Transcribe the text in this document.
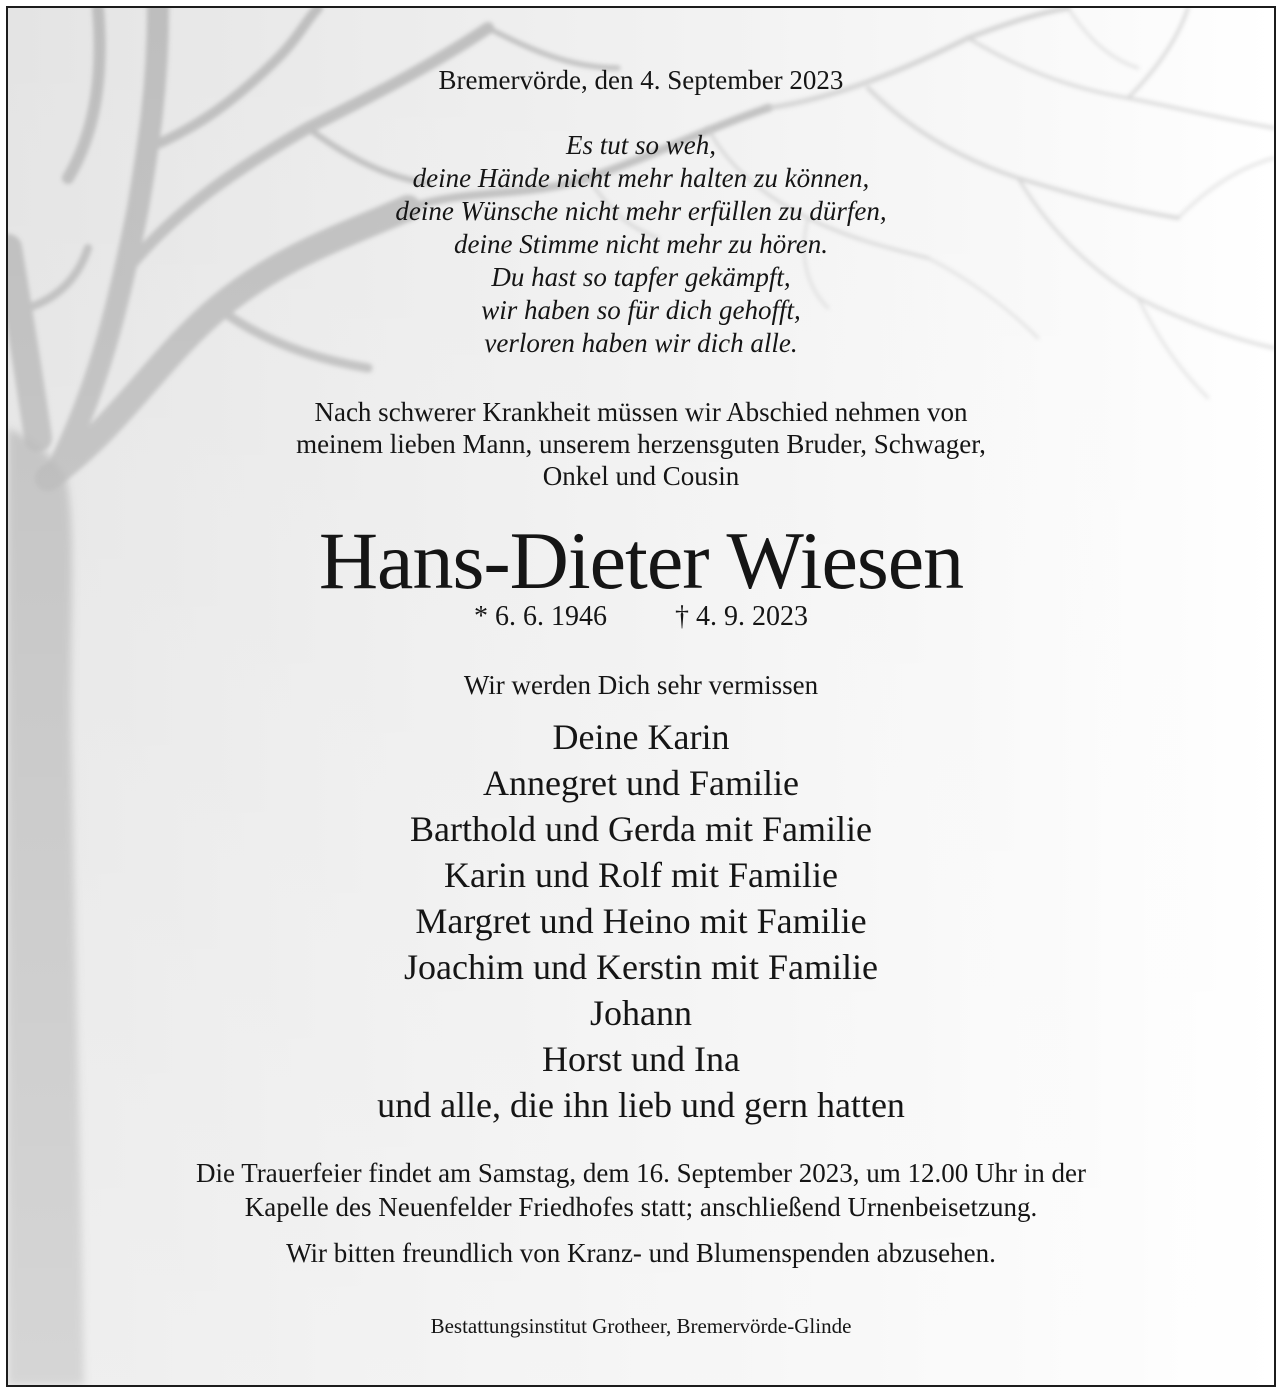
Bremervörde, den 4. September 2023
Es tut so weh,
deine Hände nicht mehr halten zu können,
deine Wünsche nicht mehr erfüllen zu dürfen,
deine Stimme nicht mehr zu hören.
Du hast so tapfer gekämpft,
wir haben so für dich gehofft,
verloren haben wir dich alle.
Nach schwerer Krankheit müssen wir Abschied nehmen von
meinem lieben Mann, unserem herzensguten Bruder, Schwager,
Onkel und Cousin
Hans-Dieter Wiesen
* 6. 6. 1946 † 4. 9. 2023
Wir werden Dich sehr vermissen
Deine Karin
Annegret und Familie
Barthold und Gerda mit Familie
Karin und Rolf mit Familie
Margret und Heino mit Familie
Joachim und Kerstin mit Familie
Johann
Horst und Ina
und alle, die ihn lieb und gern hatten
Die Trauerfeier findet am Samstag, dem 16. September 2023, um 12.00 Uhr in der
Kapelle des Neuenfelder Friedhofes statt; anschließend Urnenbeisetzung.
Wir bitten freundlich von Kranz- und Blumenspenden abzusehen.
Bestattungsinstitut Grotheer, Bremervörde-Glinde
